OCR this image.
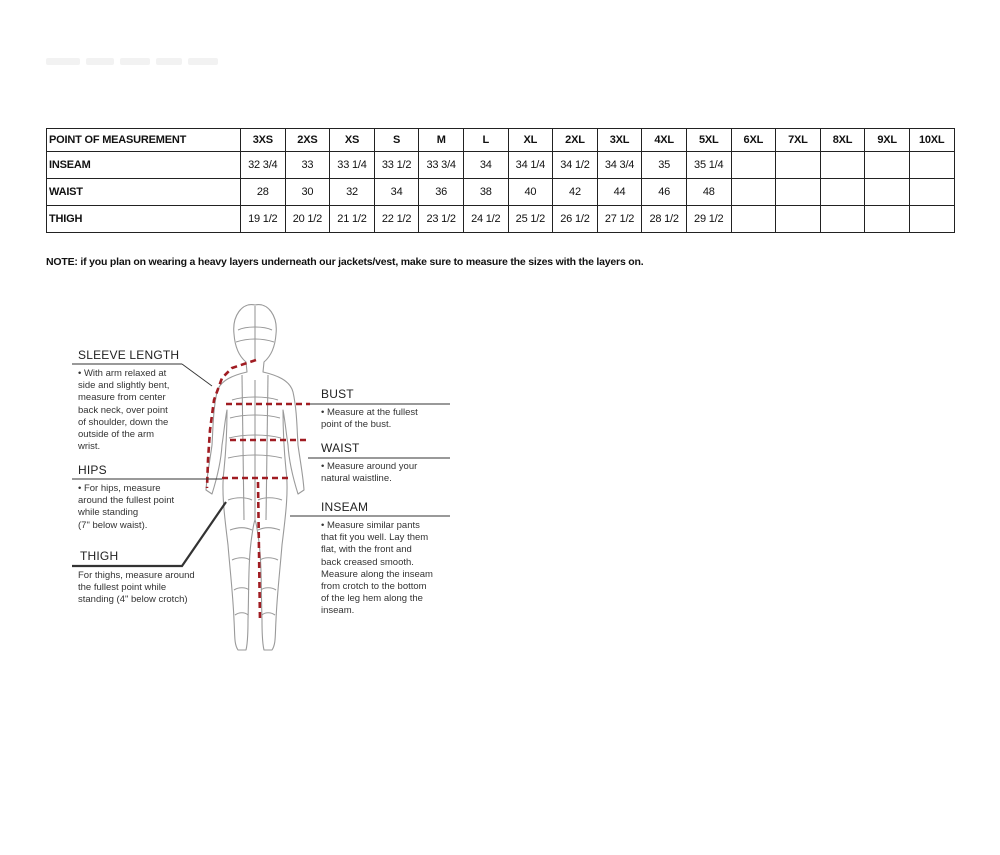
POINT OF MEASUREMENT	3XS	2XS	XS	S	M	L	XL	2XL	3XL	4XL	5XL	6XL	7XL	8XL	9XL	10XL
INSEAM	32 3/4	33	33 1/4	33 1/2	33 3/4	34	34 1/4	34 1/2	34 3/4	35	35 1/4					
WAIST	28	30	32	34	36	38	40	42	44	46	48					
THIGH	19 1/2	20 1/2	21 1/2	22 1/2	23 1/2	24 1/2	25 1/2	26 1/2	27 1/2	28 1/2	29 1/2					
NOTE: if you plan on wearing a heavy layers underneath our jackets/vest, make sure to measure the sizes with the layers on.
SLEEVE LENGTH
• With arm relaxed at
side and slightly bent,
measure from center
back neck, over point
of shoulder, down the
outside of the arm
wrist.
HIPS
• For hips, measure
around the fullest point
while standing
(7" below waist).
THIGH
For thighs, measure around
the fullest point while
standing (4" below crotch)
BUST
• Measure at the fullest
point of the bust.
WAIST
• Measure around your
natural waistline.
INSEAM
• Measure similar pants
that fit you well. Lay them
flat, with the front and
back creased smooth.
Measure along the inseam
from crotch to the bottom
of the leg hem along the
inseam.
